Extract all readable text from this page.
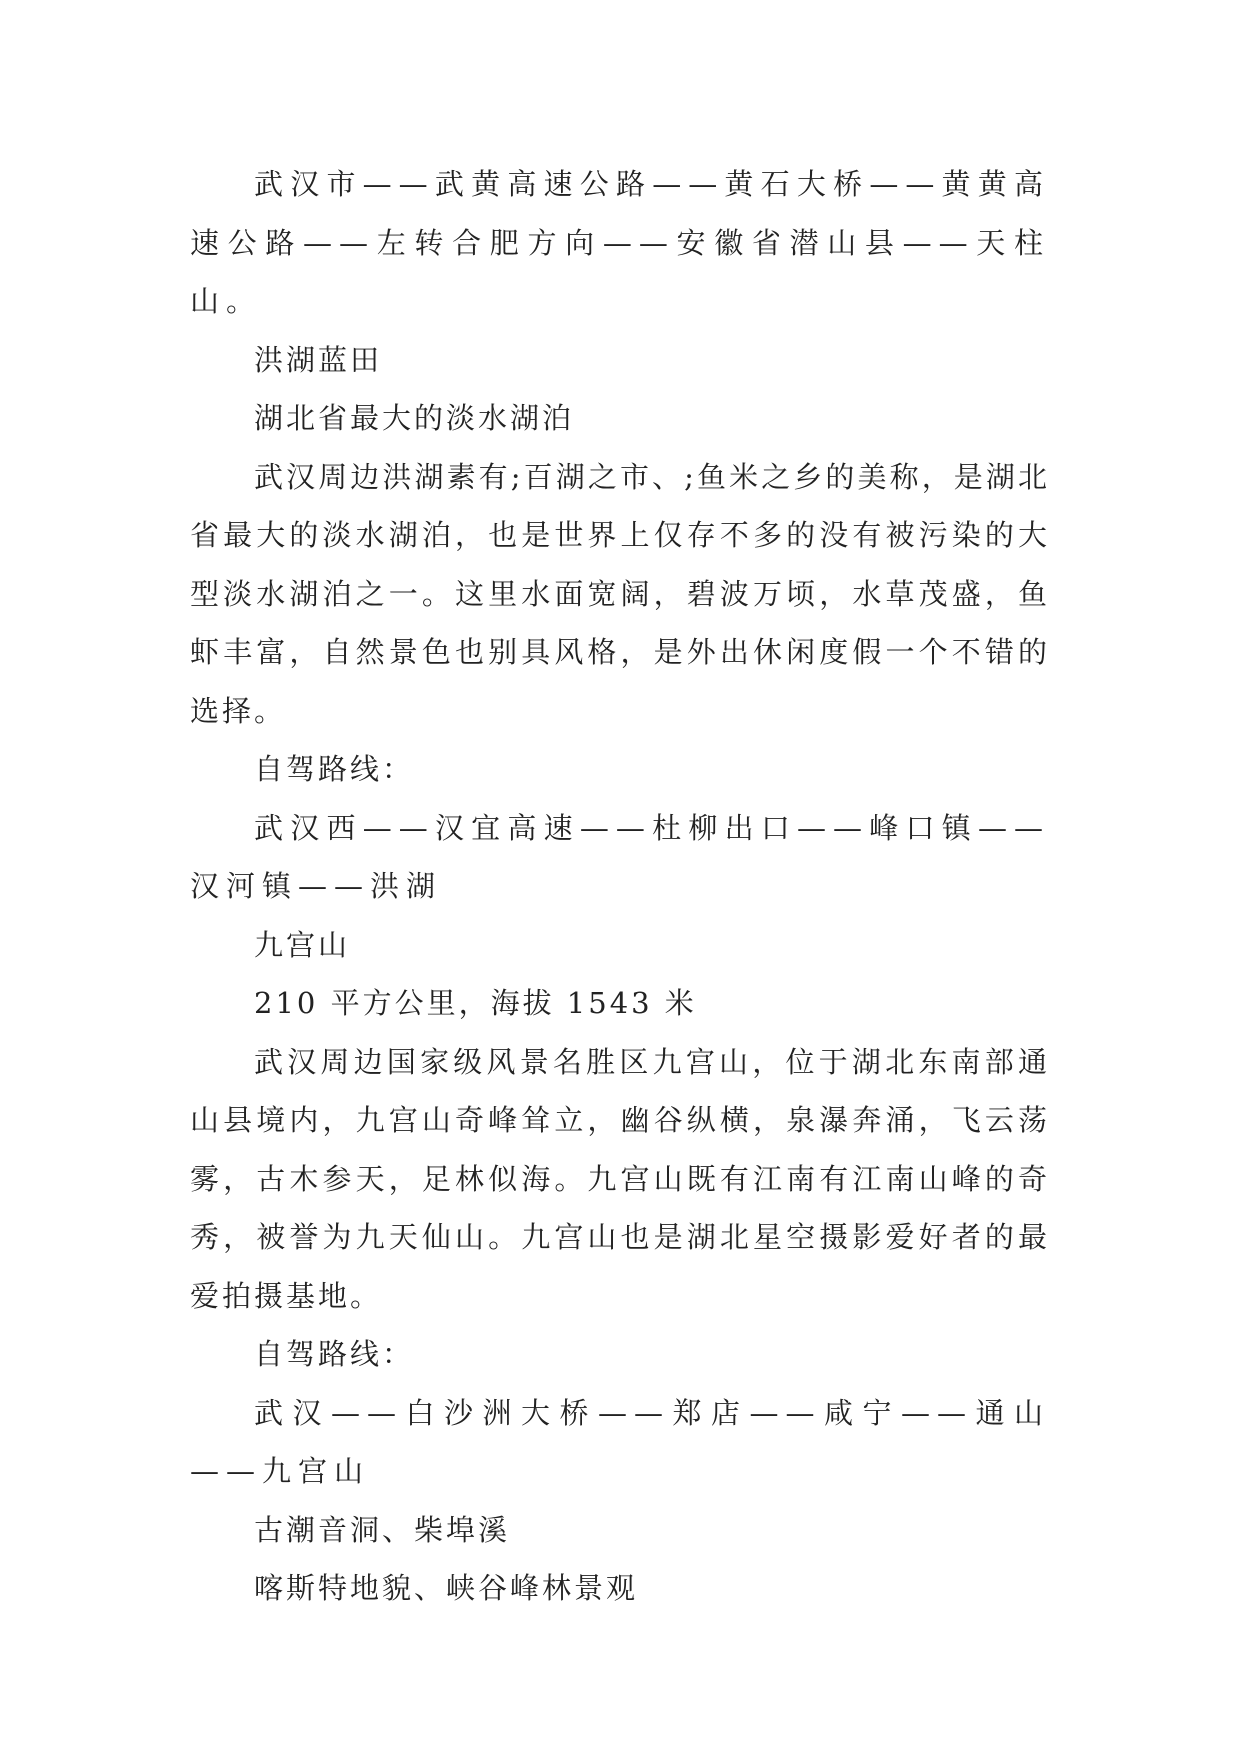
武汉市——武黄高速公路——黄石大桥——黄黄高速公路——左转合肥方向——安徽省潜山县——天柱山。

洪湖蓝田

湖北省最大的淡水湖泊

武汉周边洪湖素有;百湖之市、;鱼米之乡的美称，是湖北省最大的淡水湖泊，也是世界上仅存不多的没有被污染的大型淡水湖泊之一。这里水面宽阔，碧波万顷，水草茂盛，鱼虾丰富，自然景色也别具风格，是外出休闲度假一个不错的选择。

自驾路线：

武汉西——汉宜高速——杜柳出口——峰口镇——汉河镇——洪湖

九宫山

210 平方公里，海拔 1543 米

武汉周边国家级风景名胜区九宫山，位于湖北东南部通山县境内，九宫山奇峰耸立，幽谷纵横，泉瀑奔涌，飞云荡雾，古木参天，足林似海。九宫山既有江南有江南山峰的奇秀，被誉为九天仙山。九宫山也是湖北星空摄影爱好者的最爱拍摄基地。

自驾路线：

武汉——白沙洲大桥——郑店——咸宁——通山——九宫山

古潮音洞、柴埠溪

喀斯特地貌、峡谷峰林景观
